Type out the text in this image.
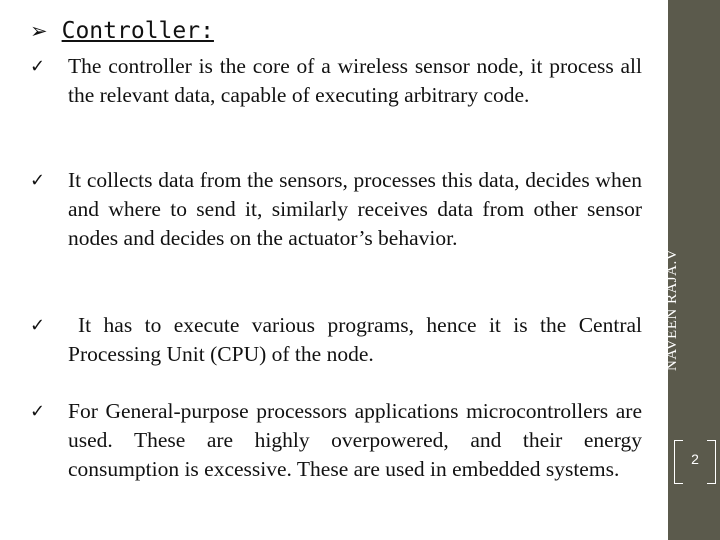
➢ Controller:
✓	The controller is the core of a wireless sensor node, it process all the relevant data, capable of executing arbitrary code.
✓	It collects data from the sensors, processes this data, decides when and where to send it, similarly receives data from other sensor nodes and decides on the actuator’s behavior.
✓	It has to execute various programs, hence it is the Central Processing Unit (CPU) of the node.
✓	For General-purpose processors applications microcontrollers are used. These are highly overpowered, and their energy consumption is excessive. These are used in embedded systems.
NAVEEN RAJA.V
2
